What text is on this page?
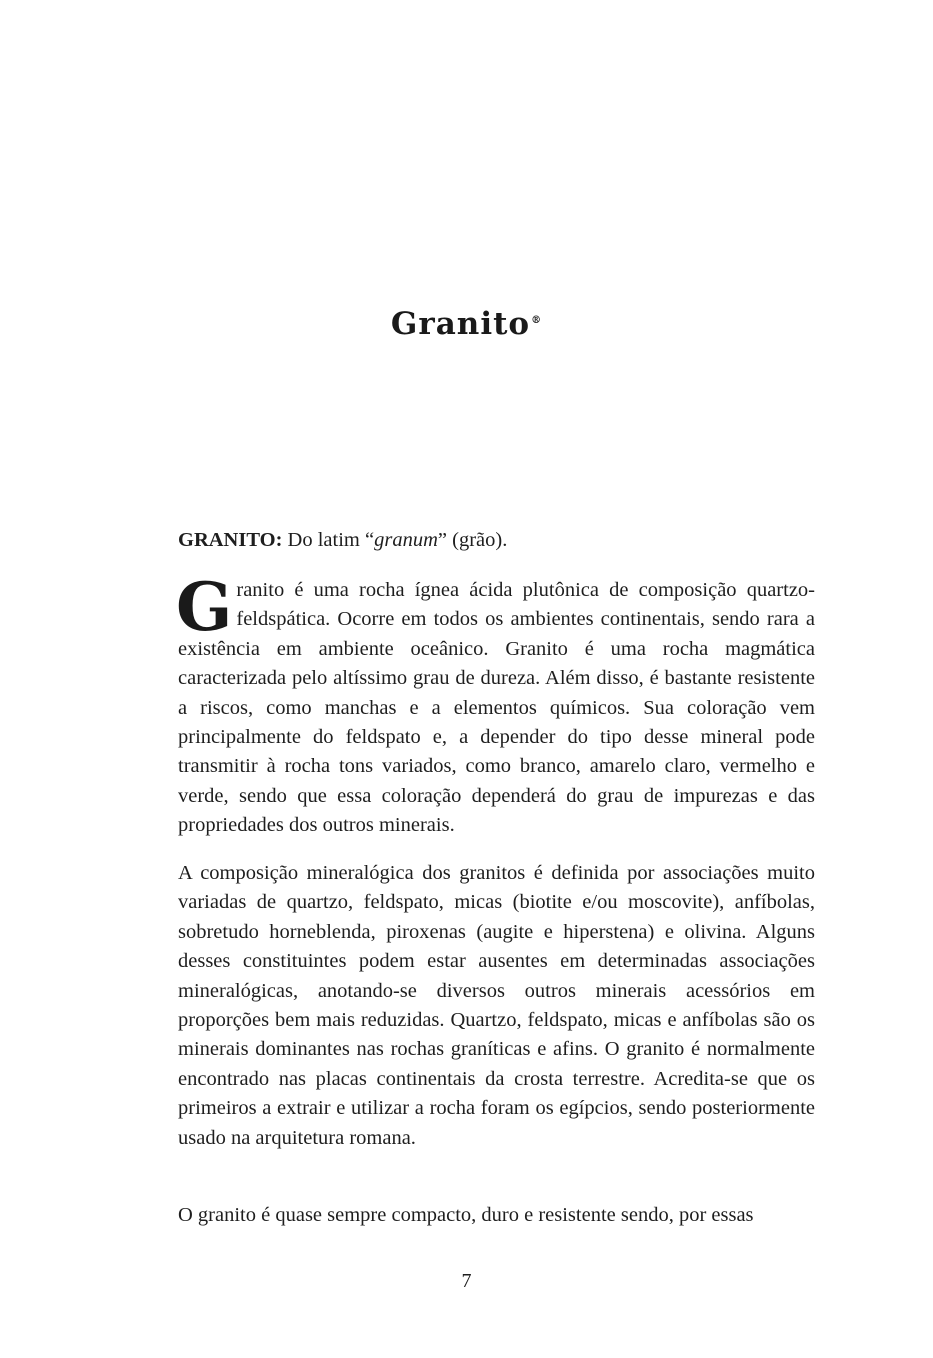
Granito®

GRANITO: Do latim “granum” (grão).

Granito é uma rocha ígnea ácida plutônica de composição quartzo-feldspática. Ocorre em todos os ambientes continentais, sendo rara a existência em ambiente oceânico. Granito é uma rocha magmática caracterizada pelo altíssimo grau de dureza. Além disso, é bastante resistente a riscos, como manchas e a elementos químicos. Sua coloração vem principalmente do feldspato e, a depender do tipo desse mineral pode transmitir à rocha tons variados, como branco, amarelo claro, vermelho e verde, sendo que essa coloração dependerá do grau de impurezas e das propriedades dos outros minerais.

A composição mineralógica dos granitos é definida por associações muito variadas de quartzo, feldspato, micas (biotite e/ou moscovite), anfíbolas, sobretudo horneblenda, piroxenas (augite e hiperstena) e olivina. Alguns desses constituintes podem estar ausentes em determinadas associações mineralógicas, anotando-se diversos outros minerais acessórios em proporções bem mais reduzidas. Quartzo, feldspato, micas e anfíbolas são os minerais dominantes nas rochas graníticas e afins. O granito é normalmente encontrado nas placas continentais da crosta terrestre. Acredita-se que os primeiros a extrair e utilizar a rocha foram os egípcios, sendo posteriormente usado na arquitetura romana.

O granito é quase sempre compacto, duro e resistente sendo, por essas

7
